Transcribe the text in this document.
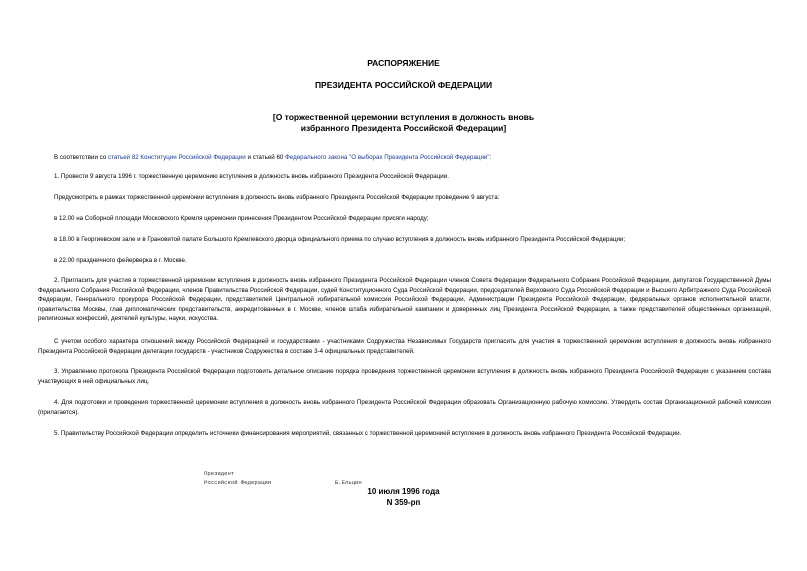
РАСПОРЯЖЕНИЕ
ПРЕЗИДЕНТА РОССИЙСКОЙ ФЕДЕРАЦИИ
[О торжественной церемонии вступления в должность вновь
избранного Президента Российской Федерации]
В соответствии со статьей 82 Конституции Российской Федерации и статьей 60 Федерального закона "О выборах Президента Российской Федерации":
1. Провести 9 августа 1996 г. торжественную церемонию вступления в должность вновь избранного Президента Российской Федерации.
Предусмотреть в рамках торжественной церемонии вступления в должность вновь избранного Президента Российской Федерации проведение 9 августа:
в 12.00 на Соборной площади Московского Кремля церемонии принесения Президентом Российской Федерации присяги народу;
в 18.00 в Георгиевском зале и в Грановитой палате Большого Кремлевского дворца официального приема по случаю вступления в должность вновь избранного Президента Российской Федерации;
в 22.00 праздничного фейерверка в г. Москве.
2. Пригласить для участия в торжественной церемонии вступления в должность вновь избранного Президента Российской Федерации членов Совета Федерации Федерального Собрания Российской Федерации, депутатов Государственной Думы Федерального Собрания Российской Федерации, членов Правительства Российской Федерации, судей Конституционного Суда Российской Федерации, председателей Верховного Суда Российской Федерации и Высшего Арбитражного Суда Российской Федерации, Генерального прокурора Российской Федерации, представителей Центральной избирательной комиссии Российской Федерации, Администрации Президента Российской Федерации, федеральных органов исполнительной власти, правительства Москвы, глав дипломатических представительств, аккредитованных в г. Москве, членов штаба избирательной кампании и доверенных лиц Президента Российской Федерации, а также представителей общественных организаций, религиозных конфессий, деятелей культуры, науки, искусства.
С учетом особого характера отношений между Российской Федерацией и государствами - участниками Содружества Независимых Государств пригласить для участия в торжественной церемонии вступления в должность вновь избранного Президента Российской Федерации делегации государств - участников Содружества в составе 3-4 официальных представителей.
3. Управлению протокола Президента Российской Федерации подготовить детальное описание порядка проведения торжественной церемонии вступления в должность вновь избранного Президента Российской Федерации с указанием состава участвующих в ней официальных лиц.
4. Для подготовки и проведения торжественной церемонии вступления в должность вновь избранного Президента Российской Федерации образовать Организационную рабочую комиссию. Утвердить состав Организационной рабочей комиссии (прилагается).
5. Правительству Российской Федерации определить источники финансирования мероприятий, связанных с торжественной церемонией вступления в должность вновь избранного Президента Российской Федерации.
Президент
Российской Федерации                   Б.Ельцин
10 июля 1996 года
N 359-рп
